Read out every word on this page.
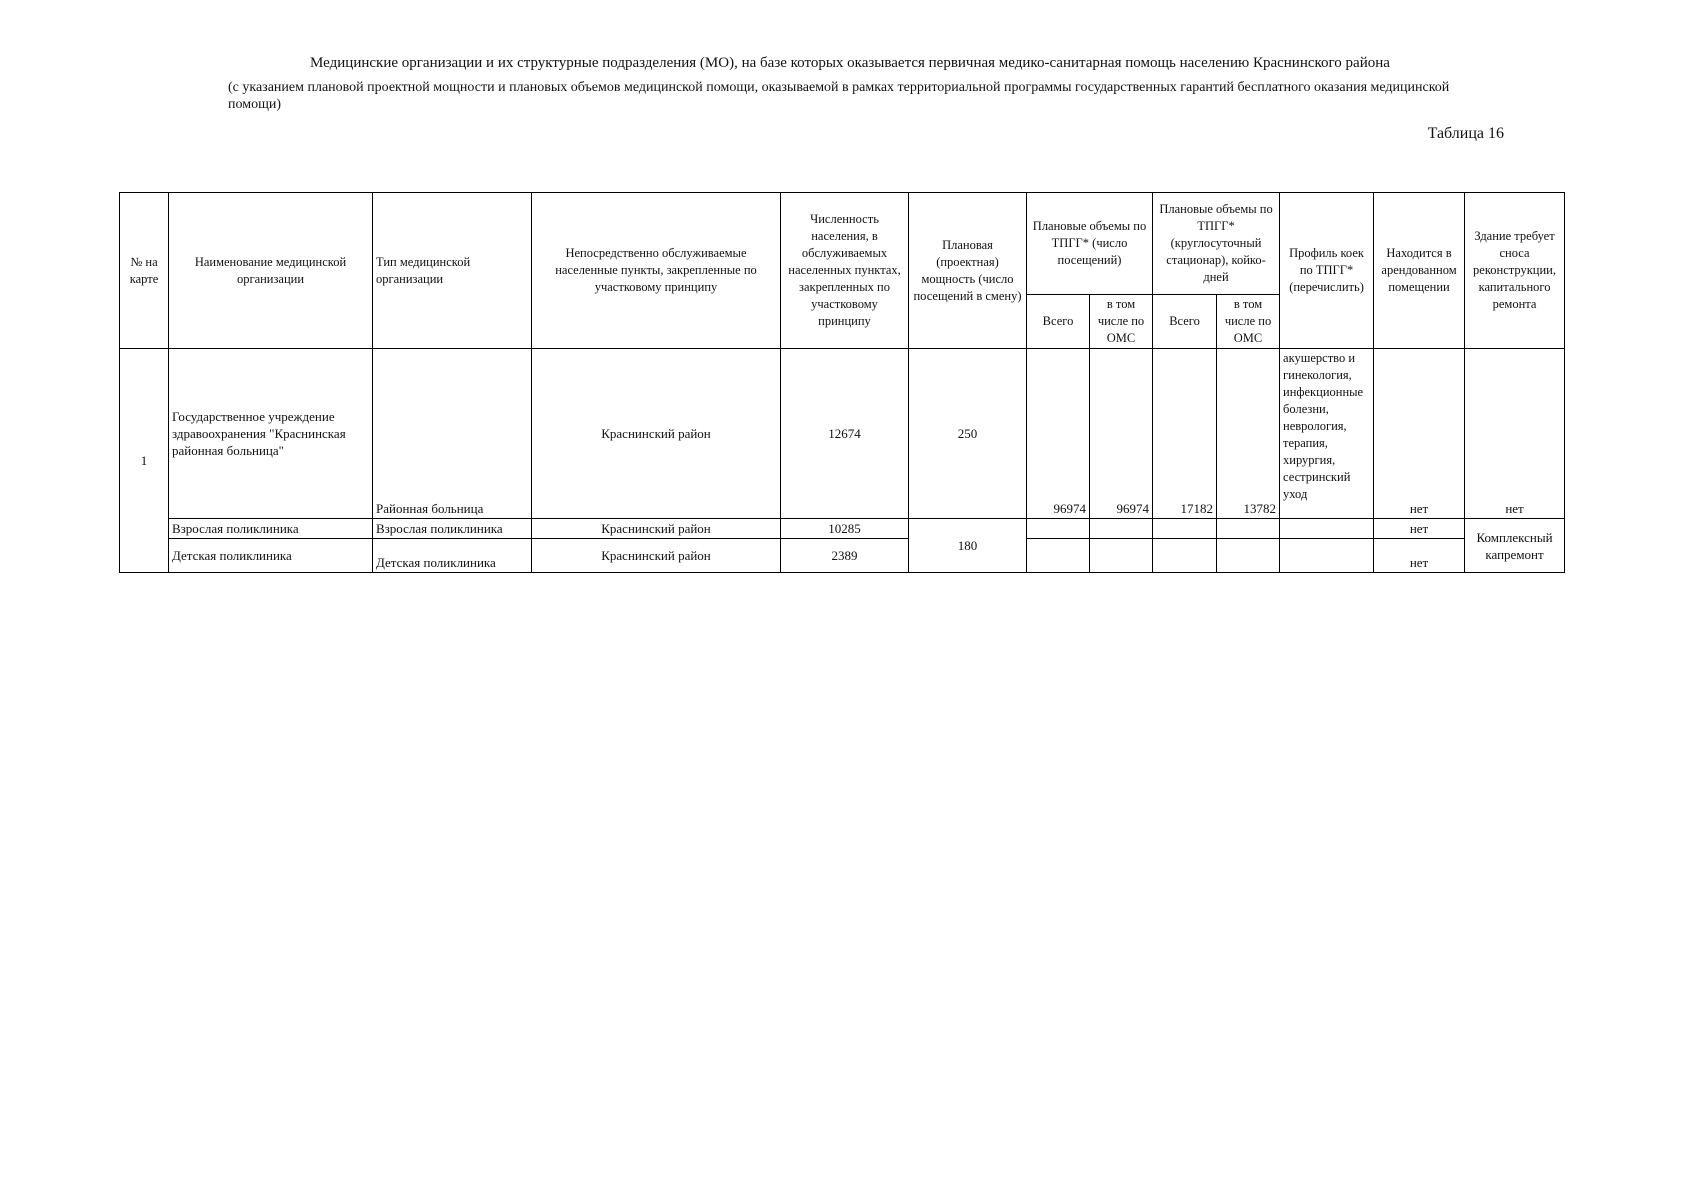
Медицинские организации и их структурные подразделения (МО), на базе которых оказывается первичная медико-санитарная помощь населению Краснинского района
(с указанием плановой проектной мощности и плановых объемов медицинской помощи, оказываемой в рамках территориальной программы государственных гарантий бесплатного оказания медицинской помощи)
Таблица 16
№ на карте	Наименование медицинской организации	Тип медицинской организации	Непосредственно обслуживаемые населенные пункты, закрепленные по участковому принципу	Численность населения, в обслуживаемых населенных пунктах, закрепленных по участковому принципу	Плановая (проектная) мощность (число посещений в смену)	Плановые объемы по ТПГГ* (число посещений)		Плановые объемы по ТПГГ* (круглосуточный стационар), койко-дней		Профиль коек по ТПГГ* (перечислить)	Находится в арендованном помещении	Здание требует сноса реконструкции, капитального ремонта
						Всего	в том числе по ОМС	Всего	в том числе по ОМС			
1	Государственное учреждение здравоохранения "Краснинская районная больница"	Районная больница	Краснинский район	12674	250	96974	96974	17182	13782	акушерство и гинекология, инфекционные болезни, неврология, терапия, хирургия, сестринский уход	нет	нет
	Взрослая поликлиника	Взрослая поликлиника	Краснинский район	10285	180						нет	Комплексный капремонт
	Детская поликлиника	Детская поликлиника	Краснинский район	2389							нет	
